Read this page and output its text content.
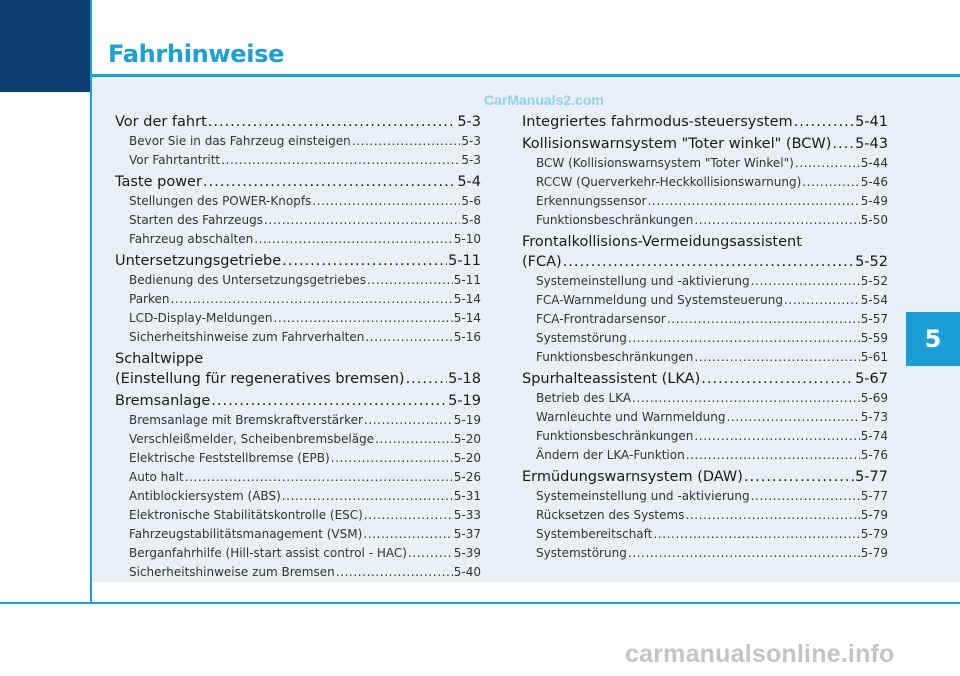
Fahrhinweise
CarManuals2.com
5
Vor der fahrt .....	5-3
Bevor Sie in das Fahrzeug einsteigen .....	5-3
Vor Fahrtantritt .....	5-3
Taste power .....	5-4
Stellungen des POWER-Knopfs .....	5-6
Starten des Fahrzeugs .....	5-8
Fahrzeug abschalten .....	5-10
Untersetzungsgetriebe .....	5-11
Bedienung des Untersetzungsgetriebes .....	5-11
Parken .....	5-14
LCD-Display-Meldungen .....	5-14
Sicherheitshinweise zum Fahrverhalten .....	5-16
Schaltwippe
(Einstellung für regeneratives bremsen) .....	5-18
Bremsanlage .....	5-19
Bremsanlage mit Bremskraftverstärker .....	5-19
Verschleißmelder, Scheibenbremsbeläge .....	5-20
Elektrische Feststellbremse (EPB) .....	5-20
Auto halt .....	5-26
Antiblockiersystem (ABS) .....	5-31
Elektronische Stabilitätskontrolle (ESC) .....	5-33
Fahrzeugstabilitätsmanagement (VSM) .....	5-37
Berganfahrhilfe (Hill-start assist control - HAC) .....	5-39
Sicherheitshinweise zum Bremsen .....	5-40
Integriertes fahrmodus-steuersystem .....	5-41
Kollisionswarnsystem "Toter winkel" (BCW) ..... 5-43
BCW (Kollisionswarnsystem "Toter Winkel") .....	5-44
RCCW (Querverkehr-Heckkollisionswarnung) .....	5-46
Erkennungssensor .....	5-49
Funktionsbeschränkungen .....	5-50
Frontalkollisions-Vermeidungsassistent
(FCA) .....	5-52
Systemeinstellung und -aktivierung .....	5-52
FCA-Warnmeldung und Systemsteuerung .....	5-54
FCA-Frontradarsensor .....	5-57
Systemstörung .....	5-59
Funktionsbeschränkungen .....	5-61
Spurhalteassistent (LKA) .....	5-67
Betrieb des LKA .....	5-69
Warnleuchte und Warnmeldung .....	5-73
Funktionsbeschränkungen .....	5-74
Ändern der LKA-Funktion .....	5-76
Ermüdungswarnsystem (DAW) .....	5-77
Systemeinstellung und -aktivierung .....	5-77
Rücksetzen des Systems .....	5-79
Systembereitschaft .....	5-79
Systemstörung .....	5-79
carmanualsonline.info
